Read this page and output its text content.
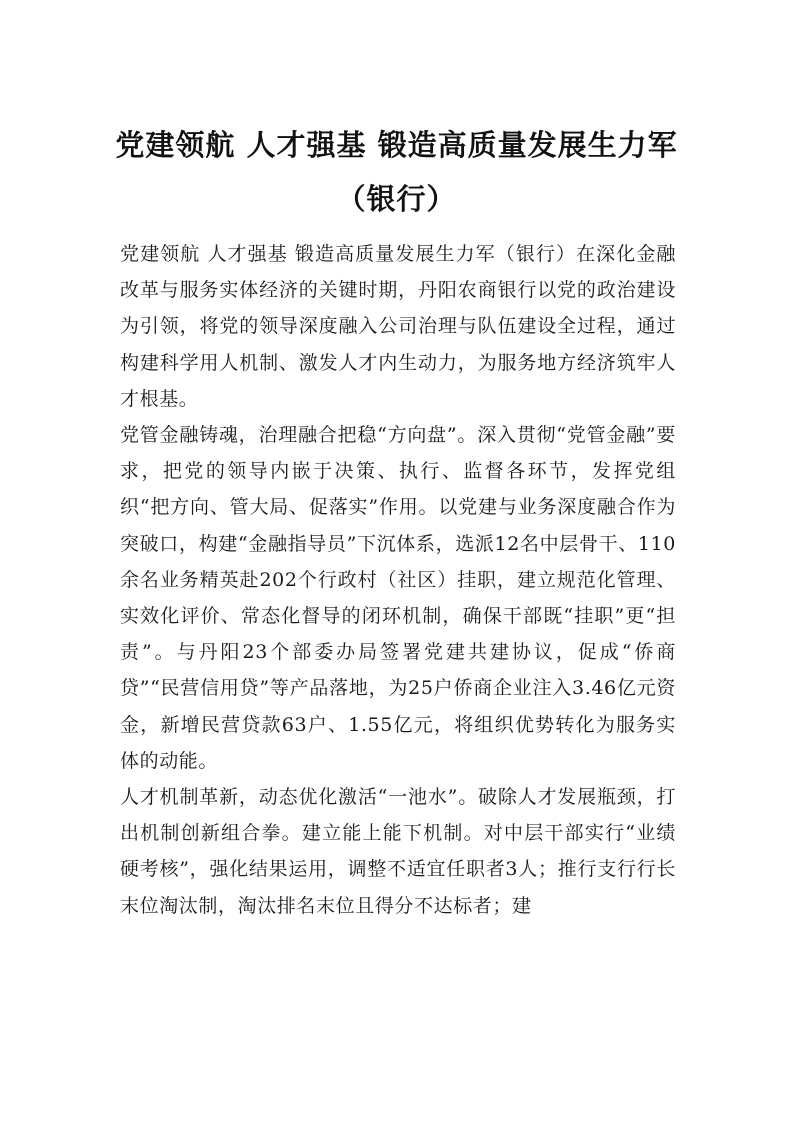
党建领航 人才强基 锻造高质量发展生力军（银行）

党建领航 人才强基 锻造高质量发展生力军（银行）在深化金融改革与服务实体经济的关键时期，丹阳农商银行以党的政治建设为引领，将党的领导深度融入公司治理与队伍建设全过程，通过构建科学用人机制、激发人才内生动力，为服务地方经济筑牢人才根基。

党管金融铸魂，治理融合把稳“方向盘”。深入贯彻“党管金融”要求，把党的领导内嵌于决策、执行、监督各环节，发挥党组织“把方向、管大局、促落实”作用。以党建与业务深度融合作为突破口，构建“金融指导员”下沉体系，选派12名中层骨干、110余名业务精英赴202个行政村（社区）挂职，建立规范化管理、实效化评价、常态化督导的闭环机制，确保干部既“挂职”更“担责”。与丹阳23个部委办局签署党建共建协议，促成“侨商贷”“民营信用贷”等产品落地，为25户侨商企业注入3.46亿元资金，新增民营贷款63户、1.55亿元，将组织优势转化为服务实体的动能。

人才机制革新，动态优化激活“一池水”。破除人才发展瓶颈，打出机制创新组合拳。建立能上能下机制。对中层干部实行“业绩硬考核”，强化结果运用，调整不适宜任职者3人；推行支行行长末位淘汰制，淘汰排名末位且得分不达标者；建
